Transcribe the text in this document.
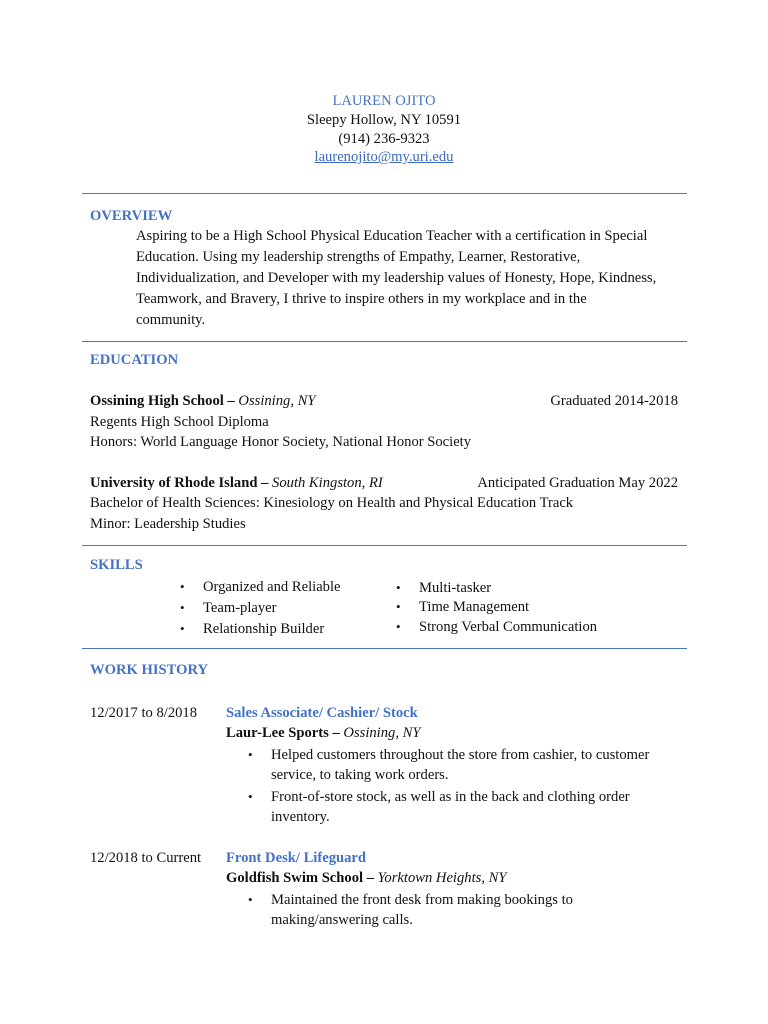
LAUREN OJITO
Sleepy Hollow, NY 10591
(914) 236-9323
laurenojito@my.uri.edu
OVERVIEW
Aspiring to be a High School Physical Education Teacher with a certification in Special
Education. Using my leadership strengths of Empathy, Learner, Restorative,
Individualization, and Developer with my leadership values of Honesty, Hope, Kindness,
Teamwork, and Bravery, I thrive to inspire others in my workplace and in the
community.
EDUCATION
Ossining High School – Ossining, NY	Graduated 2014-2018
Regents High School Diploma
Honors: World Language Honor Society, National Honor Society
University of Rhode Island – South Kingston, RI	Anticipated Graduation May 2022
Bachelor of Health Sciences: Kinesiology on Health and Physical Education Track
Minor: Leadership Studies
SKILLS
• Organized and Reliable
• Team-player
• Relationship Builder
• Multi-tasker
• Time Management
• Strong Verbal Communication
WORK HISTORY
12/2017 to 8/2018 Sales Associate/ Cashier/ Stock
Laur-Lee Sports – Ossining, NY
• Helped customers throughout the store from cashier, to customer
service, to taking work orders.
• Front-of-store stock, as well as in the back and clothing order
inventory.
12/2018 to Current Front Desk/ Lifeguard
Goldfish Swim School – Yorktown Heights, NY
• Maintained the front desk from making bookings to
making/answering calls.
